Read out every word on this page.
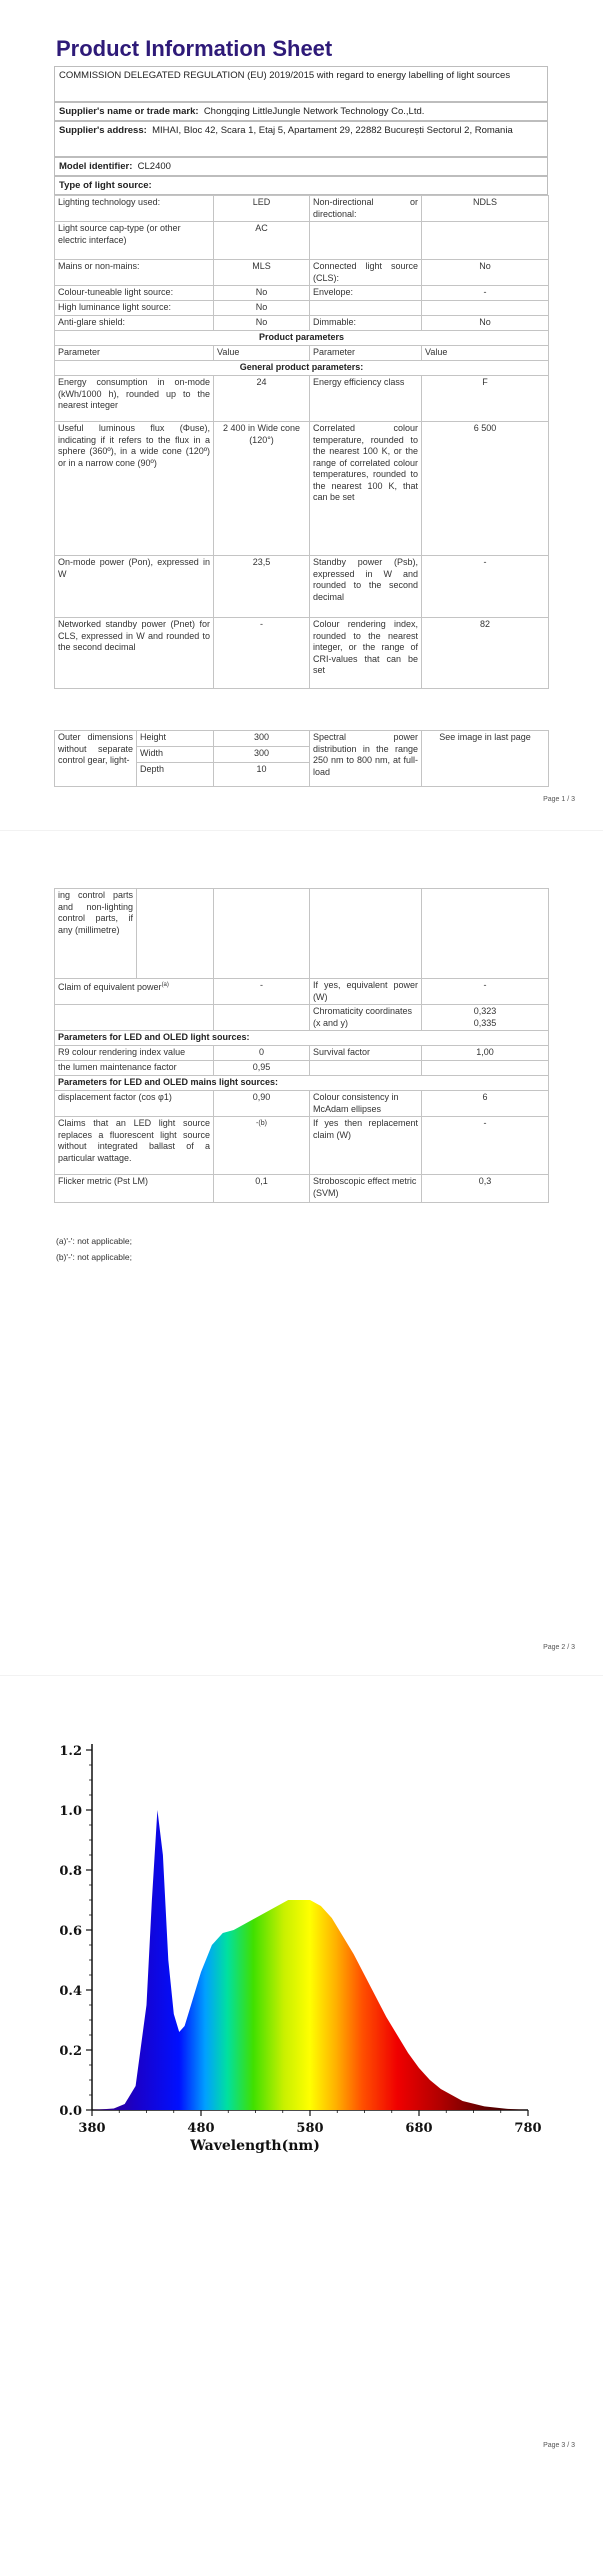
Product Information Sheet
COMMISSION DELEGATED REGULATION (EU) 2019/2015 with regard to energy labelling of light sources
Supplier's name or trade mark: Chongqing LittleJungle Network Technology Co.,Ltd.
Supplier's address: MIHAI, Bloc 42, Scara 1, Etaj 5, Apartament 29, 22882 București Sectorul 2, Romania
Model identifier: CL2400
Type of light source:
Lighting technology used:	LED	Non-directional or directional:	NDLS
Light source cap-type (or other electric interface)	AC		
Mains or non-mains:	MLS	Connected light source (CLS):	No
Colour-tuneable light source:	No	Envelope:	-
High luminance light source:	No		
Anti-glare shield:	No	Dimmable:	No
Product parameters			
Parameter	Value	Parameter	Value
General product parameters:			
Energy consumption in on-mode (kWh/1000 h), rounded up to the nearest integer	24	Energy efficiency class	F
Useful luminous flux (Φuse), indicating if it refers to the flux in a sphere (360º), in a wide cone (120º) or in a narrow cone (90º)	2 400 in Wide cone (120°)	Correlated colour temperature, rounded to the nearest 100 K, or the range of correlated colour temperatures, rounded to the nearest 100 K, that can be set	6 500
On-mode power (Pon), expressed in W	23,5	Standby power (Psb), expressed in W and rounded to the second decimal	-
Networked standby power (Pnet) for CLS, expressed in W and rounded to the second decimal	-	Colour rendering index, rounded to the nearest integer, or the range of CRI-values that can be set	82
Outer dimensions without separate control gear, light-	Height	300	Spectral power distribution in the range 250 nm to 800 nm, at full-load	See image in last page
	Width	300		
	Depth	10		
Page 1 / 3
ing control parts and non-lighting control parts, if any (millimetre)				
Claim of equivalent power$^{(a)}$	-	If yes, equivalent power (W)	-
		Chromaticity coordinates (x and y)	0,323
0,335
Parameters for LED and OLED light sources:			
R9 colour rendering index value	0	Survival factor	1,00
the lumen maintenance factor	0,95		
Parameters for LED and OLED mains light sources:			
displacement factor (cos φ1)	0,90	Colour consistency in McAdam ellipses	6
Claims that an LED light source replaces a fluorescent light source without integrated ballast of a particular wattage.	-(b)	If yes then replacement claim (W)	-
Flicker metric (Pst LM)	0,1	Stroboscopic effect metric (SVM)	0,3
(a)'-': not applicable;
(b)'-': not applicable;
Page 2 / 3
0.0
0.2
0.4
0.6
0.8
1.0
1.2
380	480	580	680	780
Wavelength(nm)
Page 3 / 3
